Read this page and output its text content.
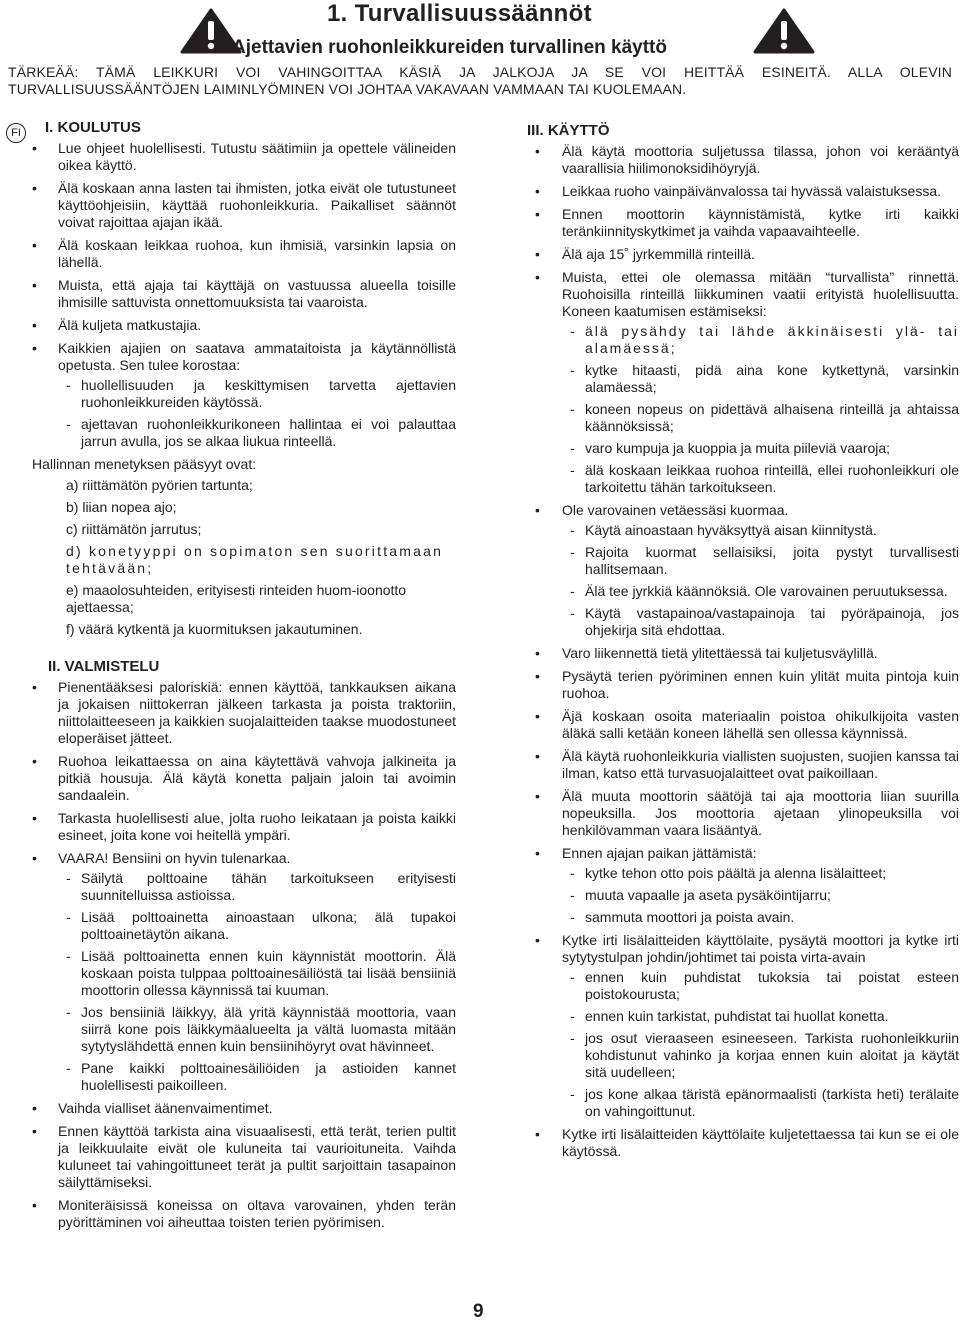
1. Turvallisuussäännöt
Ajettavien ruohonleikkureiden turvallinen käyttö
TÄRKEÄÄ: TÄMÄ LEIKKURI VOI VAHINGOITTAA KÄSIÄ JA JALKOJA JA SE VOI HEITTÄÄ ESINEITÄ. ALLA OLEVIN TURVALLISUUSSÄÄNTÖJEN LAIMINLYÖMINEN VOI JOHTAA VAKAVAAN VAMMAAN TAI KUOLEMAAN.
FI	I. KOULUTUS
• Lue ohjeet huolellisesti. Tutustu säätimiin ja opettele välineiden oikea käyttö.
• Älä koskaan anna lasten tai ihmisten, jotka eivät ole tutustuneet käyttöohjeisiin, käyttää ruohonleikkuria. Paikalliset säännöt voivat rajoittaa ajajan ikää.
• Älä koskaan leikkaa ruohoa, kun ihmisiä, varsinkin lapsia on lähellä.
• Muista, että ajaja tai käyttäjä on vastuussa alueella toisille ihmisille sattuvista onnettomuuksista tai vaaroista.
• Älä kuljeta matkustajia.
• Kaikkien ajajien on saatava ammataitoista ja käytännöllistä opetusta. Sen tulee korostaa:
- huollellisuuden ja keskittymisen tarvetta ajettavien ruohonleikkureiden käytössä.
- ajettavan ruohonleikkurikoneen hallintaa ei voi palauttaa jarrun avulla, jos se alkaa liukua rinteellä.
Hallinnan menetyksen pääsyyt ovat:
a) riittämätön pyörien tartunta;
b) liian nopea ajo;
c) riittämätön jarrutus;
d) konetyyppi on sopimaton sen suorittamaan tehtävään;
e) maaolosuhteiden, erityisesti rinteiden huom-ioonotto ajettaessa;
f) väärä kytkentä ja kuormituksen jakautuminen.
II. VALMISTELU
• Pienentääksesi paloriskiä: ennen käyttöä, tankkauksen aikana ja jokaisen niittokerran jälkeen tarkasta ja poista traktoriin, niittolaitteeseen ja kaikkien suojalaitteiden taakse muodostuneet eloperäiset jätteet.
• Ruohoa leikattaessa on aina käytettävä vahvoja jalkineita ja pitkiä housuja. Älä käytä konetta paljain jaloin tai avoimin sandaalein.
• Tarkasta huolellisesti alue, jolta ruoho leikataan ja poista kaikki esineet, joita kone voi heitellä ympäri.
• VAARA! Bensiini on hyvin tulenarkaa.
- Säilytä polttoaine tähän tarkoitukseen erityisesti suunnitelluissa astioissa.
- Lisää polttoainetta ainoastaan ulkona; älä tupakoi polttoainetäytön aikana.
- Lisää polttoainetta ennen kuin käynnistät moottorin. Älä koskaan poista tulppaa polttoainesäiliöstä tai lisää bensiiniä moottorin ollessa käynnissä tai kuuman.
- Jos bensiiniä läikkyy, älä yritä käynnistää moottoria, vaan siirrä kone pois läikkymäalueelta ja vältä luomasta mitään sytytyslähdettä ennen kuin bensiinihöyryt ovat hävinneet.
- Pane kaikki polttoainesäiliöiden ja astioiden kannet huolellisesti paikoilleen.
• Vaihda vialliset äänenvaimentimet.
• Ennen käyttöä tarkista aina visuaalisesti, että terät, terien pultit ja leikkuulaite eivät ole kuluneita tai vaurioituneita. Vaihda kuluneet tai vahingoittuneet terät ja pultit sarjoittain tasapainon säilyttämiseksi.
• Moniteräisissä koneissa on oltava varovainen, yhden terän pyörittäminen voi aiheuttaa toisten terien pyörimisen.
III. KÄYTTÖ
• Älä käytä moottoria suljetussa tilassa, johon voi kerääntyä vaarallisia hiilimonoksidihöyryjä.
• Leikkaa ruoho vainpäivänvalossa tai hyvässä valaistuksessa.
• Ennen moottorin käynnistämistä, kytke irti kaikki teränkiinnityskytkimet ja vaihda vapaavaihteelle.
• Älä aja 15˚ jyrkemmillä rinteillä.
• Muista, ettei ole olemassa mitään “turvallista” rinnettä. Ruohoisilla rinteillä liikkuminen vaatii erityistä huolellisuutta. Koneen kaatumisen estämiseksi:
- älä pysähdy tai lähde äkkinäisesti ylä- tai alamäessä;
- kytke hitaasti, pidä aina kone kytkettynä, varsinkin alamäessä;
- koneen nopeus on pidettävä alhaisena rinteillä ja ahtaissa käännöksissä;
- varo kumpuja ja kuoppia ja muita piileviä vaaroja;
- älä koskaan leikkaa ruohoa rinteillä, ellei ruohonleikkuri ole tarkoitettu tähän tarkoitukseen.
• Ole varovainen vetäessäsi kuormaa.
- Käytä ainoastaan hyväksyttyä aisan kiinnitystä.
- Rajoita kuormat sellaisiksi, joita pystyt turvallisesti hallitsemaan.
- Älä tee jyrkkiä käännöksiä. Ole varovainen peruutuksessa.
- Käytä vastapainoa/vastapainoja tai pyöräpainoja, jos ohjekirja sitä ehdottaa.
• Varo liikennettä tietä ylitettäessä tai kuljetusväylillä.
• Pysäytä terien pyöriminen ennen kuin ylität muita pintoja kuin ruohoa.
• Äjä koskaan osoita materiaalin poistoa ohikulkijoita vasten äläkä salli ketään koneen lähellä sen ollessa käynnissä.
• Älä käytä ruohonleikkuria viallisten suojusten, suojien kanssa tai ilman, katso että turvasuojalaitteet ovat paikoillaan.
• Älä muuta moottorin säätöjä tai aja moottoria liian suurilla nopeuksilla. Jos moottoria ajetaan ylinopeuksilla voi henkilövamman vaara lisääntyä.
• Ennen ajajan paikan jättämistä:
- kytke tehon otto pois päältä ja alenna lisälaitteet;
- muuta vapaalle ja aseta pysäköintijarru;
- sammuta moottori ja poista avain.
• Kytke irti lisälaitteiden käyttölaite, pysäytä moottori ja kytke irti sytytystulpan johdin/johtimet tai poista virta-avain
- ennen kuin puhdistat tukoksia tai poistat esteen poistokourusta;
- ennen kuin tarkistat, puhdistat tai huollat konetta.
- jos osut vieraaseen esineeseen. Tarkista ruohonleikkuriin kohdistunut vahinko ja korjaa ennen kuin aloitat ja käytät sitä uudelleen;
- jos kone alkaa täristä epänormaalisti (tarkista heti) terälaite on vahingoittunut.
• Kytke irti lisälaitteiden käyttölaite kuljetettaessa tai kun se ei ole käytössä.
9
